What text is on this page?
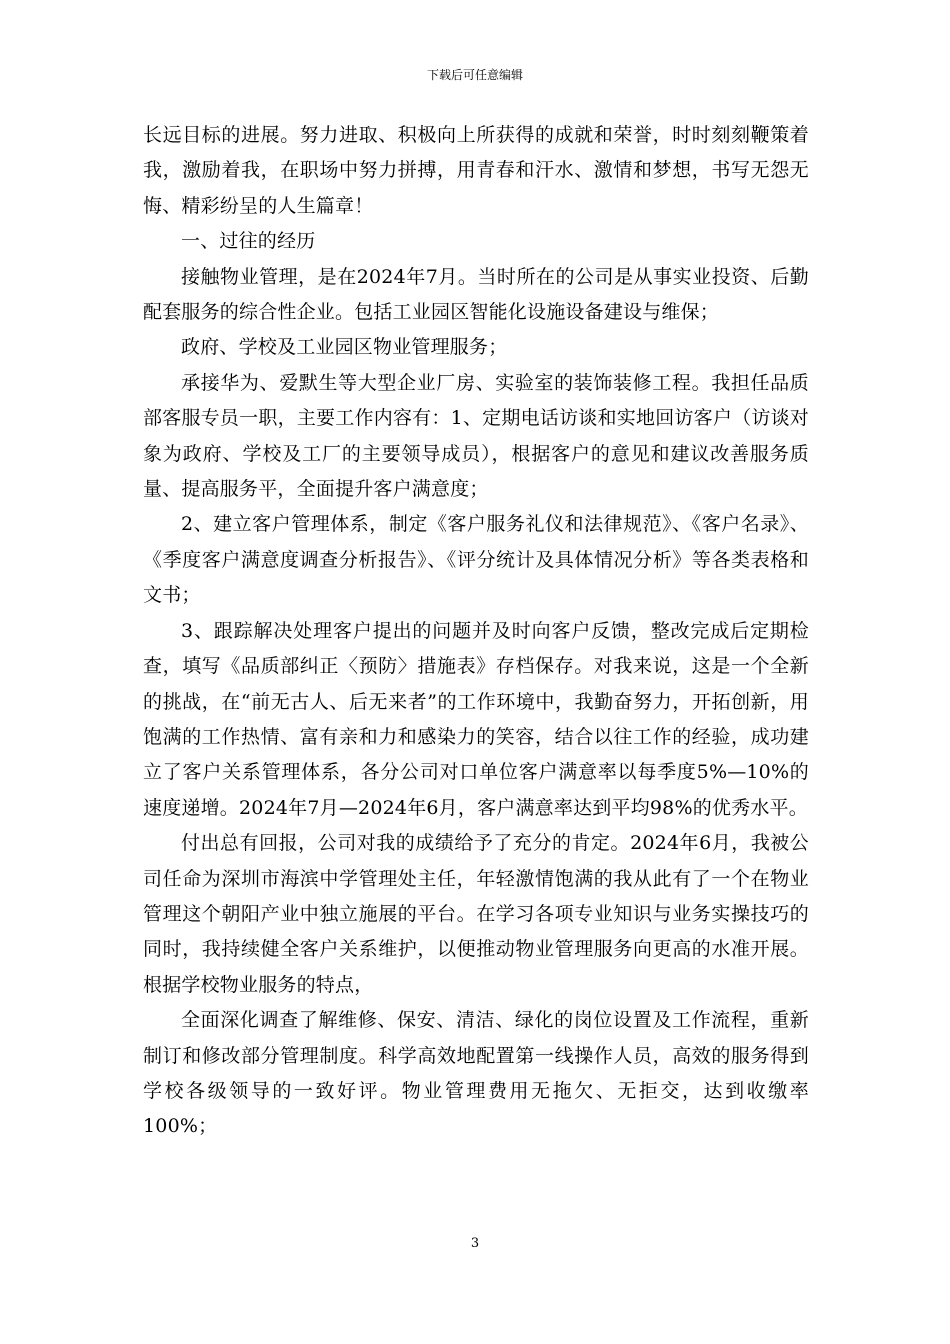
下载后可任意编辑

长远目标的进展。努力进取、积极向上所获得的成就和荣誉，时时刻刻鞭策着我，激励着我，在职场中努力拼搏，用青春和汗水、激情和梦想，书写无怨无悔、精彩纷呈的人生篇章！

一、过往的经历

接触物业管理，是在2024年7月。当时所在的公司是从事实业投资、后勤配套服务的综合性企业。包括工业园区智能化设施设备建设与维保；

政府、学校及工业园区物业管理服务；

承接华为、爱默生等大型企业厂房、实验室的装饰装修工程。我担任品质部客服专员一职，主要工作内容有：1、定期电话访谈和实地回访客户（访谈对象为政府、学校及工厂的主要领导成员），根据客户的意见和建议改善服务质量、提高服务平，全面提升客户满意度；

2、建立客户管理体系，制定《客户服务礼仪和法律规范》、《客户名录》、《季度客户满意度调查分析报告》、《评分统计及具体情况分析》等各类表格和文书；

3、跟踪解决处理客户提出的问题并及时向客户反馈，整改完成后定期检查，填写《品质部纠正〈预防〉措施表》存档保存。对我来说，这是一个全新的挑战，在“前无古人、后无来者”的工作环境中，我勤奋努力，开拓创新，用饱满的工作热情、富有亲和力和感染力的笑容，结合以往工作的经验，成功建立了客户关系管理体系，各分公司对口单位客户满意率以每季度5%—10%的速度递增。2024年7月—2024年6月，客户满意率达到平均98%的优秀水平。

付出总有回报，公司对我的成绩给予了充分的肯定。2024年6月，我被公司任命为深圳市海滨中学管理处主任，年轻激情饱满的我从此有了一个在物业管理这个朝阳产业中独立施展的平台。在学习各项专业知识与业务实操技巧的同时，我持续健全客户关系维护，以便推动物业管理服务向更高的水准开展。根据学校物业服务的特点，

全面深化调查了解维修、保安、清洁、绿化的岗位设置及工作流程，重新制订和修改部分管理制度。科学高效地配置第一线操作人员，高效的服务得到学校各级领导的一致好评。物业管理费用无拖欠、无拒交，达到收缴率100%；

3
